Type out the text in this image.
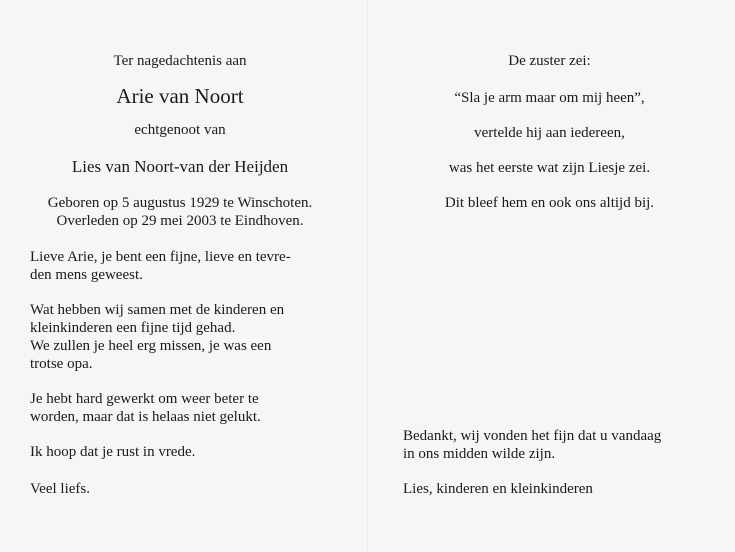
Ter nagedachtenis aan

Arie van Noort

echtgenoot van

Lies van Noort-van der Heijden

Geboren op 5 augustus 1929 te Winschoten.

Overleden op 29 mei 2003 te Eindhoven.

Lieve Arie, je bent een fijne, lieve en tevre-

den mens geweest.

Wat hebben wij samen met de kinderen en

kleinkinderen een fijne tijd gehad.

We zullen je heel erg missen, je was een

trotse opa.

Je hebt hard gewerkt om weer beter te

worden, maar dat is helaas niet gelukt.

Ik hoop dat je rust in vrede.

Veel liefs.

De zuster zei:

“Sla je arm maar om mij heen”,

vertelde hij aan iedereen,

was het eerste wat zijn Liesje zei.

Dit bleef hem en ook ons altijd bij.

Bedankt, wij vonden het fijn dat u vandaag

in ons midden wilde zijn.

Lies, kinderen en kleinkinderen
